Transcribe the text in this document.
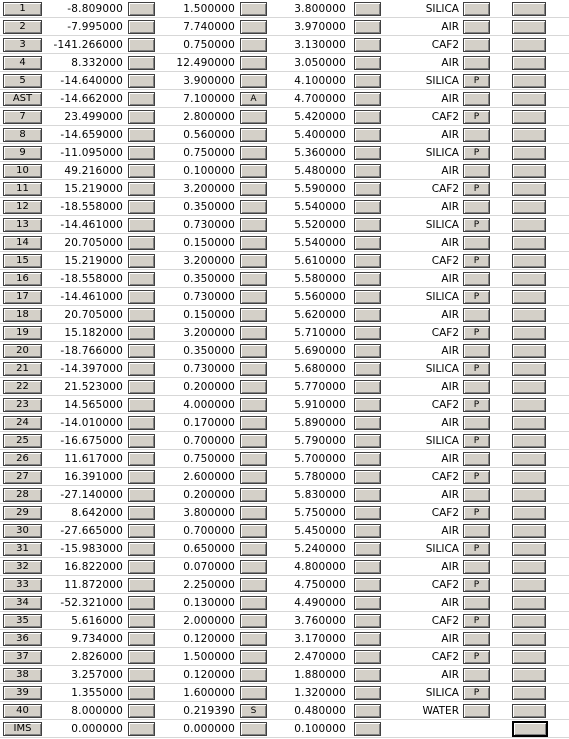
1	-8.809000	1.500000	3.800000	SILICA
2	-7.995000	7.740000	3.970000	AIR
3	-141.266000	0.750000	3.130000	CAF2
4	8.332000	12.490000	3.050000	AIR
5	-14.640000	3.900000	4.100000	SILICA	P
AST	-14.662000	7.100000	A	4.700000	AIR
7	23.499000	2.800000	5.420000	CAF2	P
8	-14.659000	0.560000	5.400000	AIR
9	-11.095000	0.750000	5.360000	SILICA	P
10	49.216000	0.100000	5.480000	AIR
11	15.219000	3.200000	5.590000	CAF2	P
12	-18.558000	0.350000	5.540000	AIR
13	-14.461000	0.730000	5.520000	SILICA	P
14	20.705000	0.150000	5.540000	AIR
15	15.219000	3.200000	5.610000	CAF2	P
16	-18.558000	0.350000	5.580000	AIR
17	-14.461000	0.730000	5.560000	SILICA	P
18	20.705000	0.150000	5.620000	AIR
19	15.182000	3.200000	5.710000	CAF2	P
20	-18.766000	0.350000	5.690000	AIR
21	-14.397000	0.730000	5.680000	SILICA	P
22	21.523000	0.200000	5.770000	AIR
23	14.565000	4.000000	5.910000	CAF2	P
24	-14.010000	0.170000	5.890000	AIR
25	-16.675000	0.700000	5.790000	SILICA	P
26	11.617000	0.750000	5.700000	AIR
27	16.391000	2.600000	5.780000	CAF2	P
28	-27.140000	0.200000	5.830000	AIR
29	8.642000	3.800000	5.750000	CAF2	P
30	-27.665000	0.700000	5.450000	AIR
31	-15.983000	0.650000	5.240000	SILICA	P
32	16.822000	0.070000	4.800000	AIR
33	11.872000	2.250000	4.750000	CAF2	P
34	-52.321000	0.130000	4.490000	AIR
35	5.616000	2.000000	3.760000	CAF2	P
36	9.734000	0.120000	3.170000	AIR
37	2.826000	1.500000	2.470000	CAF2	P
38	3.257000	0.120000	1.880000	AIR
39	1.355000	1.600000	1.320000	SILICA	P
40	8.000000	0.219390	S	0.480000	WATER
IMS	0.000000	0.000000	0.100000
